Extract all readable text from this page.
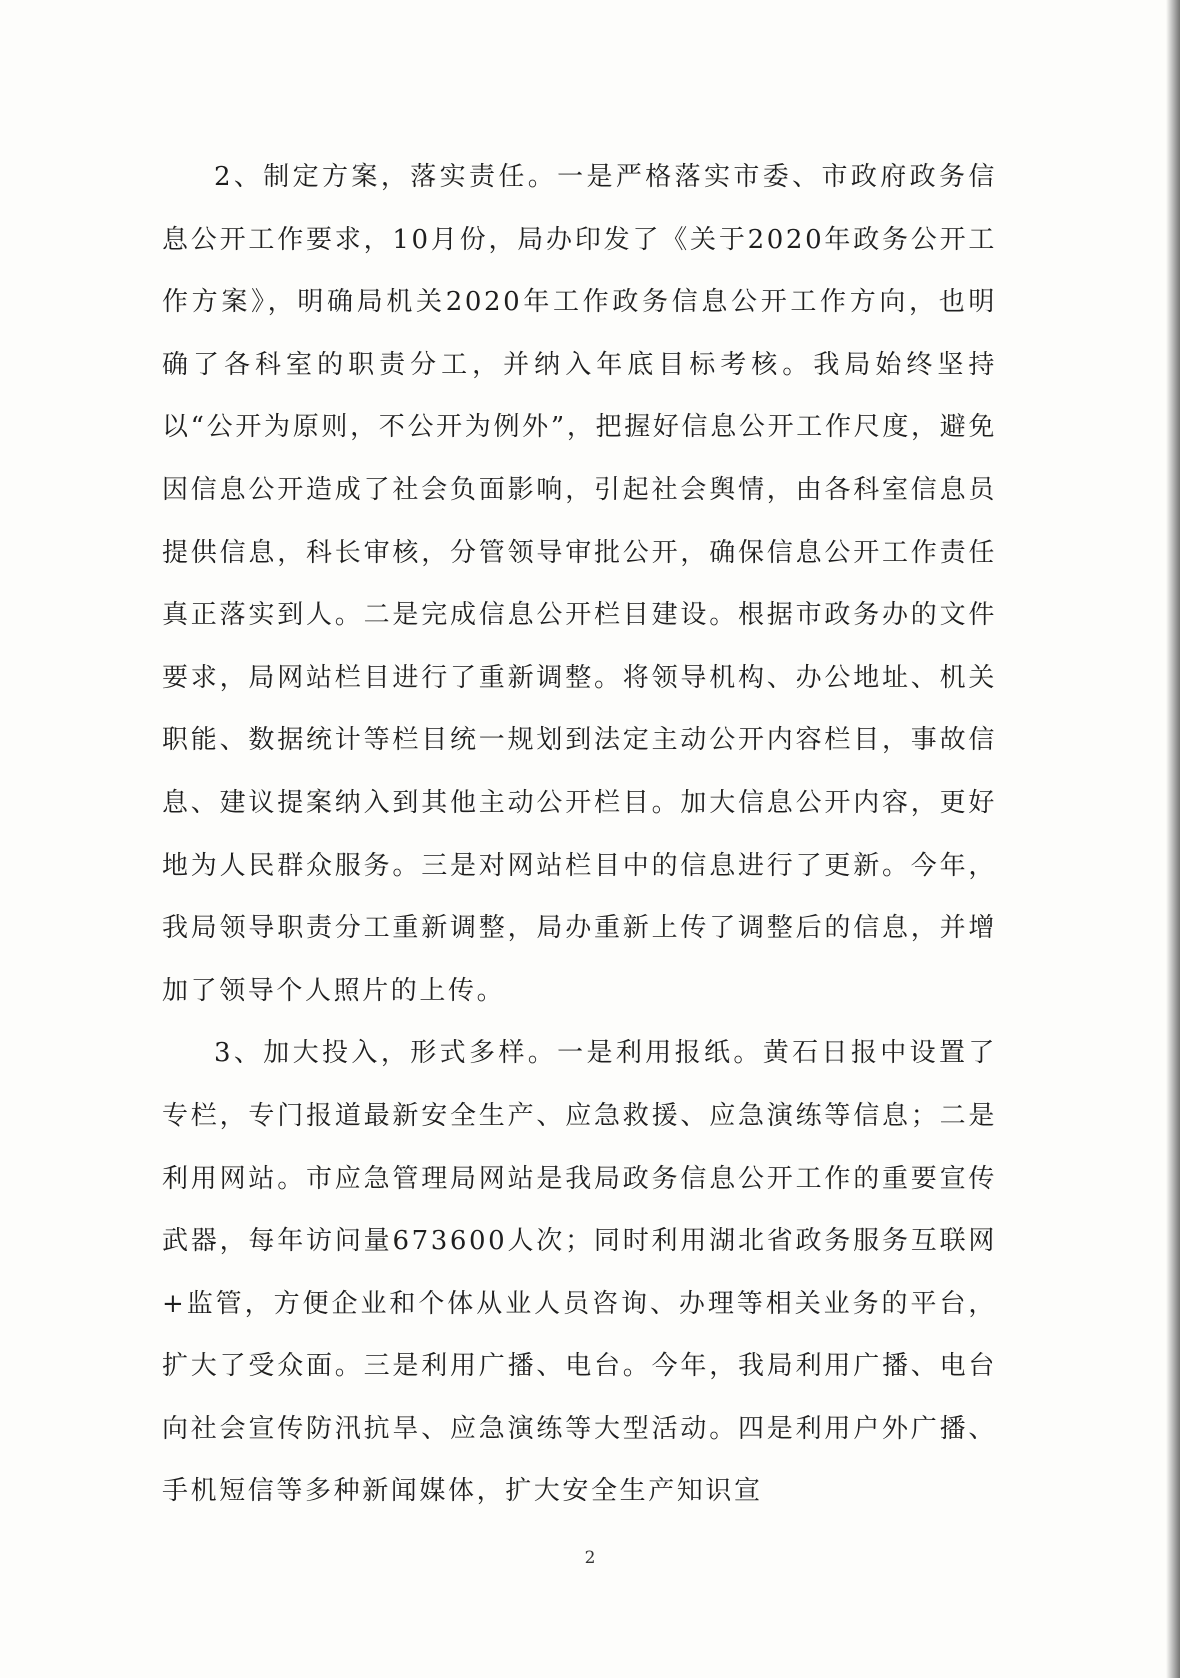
2、制定方案，落实责任。一是严格落实市委、市政府政务信息公开工作要求，10月份，局办印发了《关于2020年政务公开工作方案》，明确局机关2020年工作政务信息公开工作方向，也明确了各科室的职责分工，并纳入年底目标考核。我局始终坚持以“公开为原则，不公开为例外”，把握好信息公开工作尺度，避免因信息公开造成了社会负面影响，引起社会舆情，由各科室信息员提供信息，科长审核，分管领导审批公开，确保信息公开工作责任真正落实到人。二是完成信息公开栏目建设。根据市政务办的文件要求，局网站栏目进行了重新调整。将领导机构、办公地址、机关职能、数据统计等栏目统一规划到法定主动公开内容栏目，事故信息、建议提案纳入到其他主动公开栏目。加大信息公开内容，更好地为人民群众服务。三是对网站栏目中的信息进行了更新。今年，我局领导职责分工重新调整，局办重新上传了调整后的信息，并增加了领导个人照片的上传。

3、加大投入，形式多样。一是利用报纸。黄石日报中设置了专栏，专门报道最新安全生产、应急救援、应急演练等信息；二是利用网站。市应急管理局网站是我局政务信息公开工作的重要宣传武器，每年访问量673600人次；同时利用湖北省政务服务互联网+监管，方便企业和个体从业人员咨询、办理等相关业务的平台，扩大了受众面。三是利用广播、电台。今年，我局利用广播、电台向社会宣传防汛抗旱、应急演练等大型活动。四是利用户外广播、手机短信等多种新闻媒体，扩大安全生产知识宣

2
